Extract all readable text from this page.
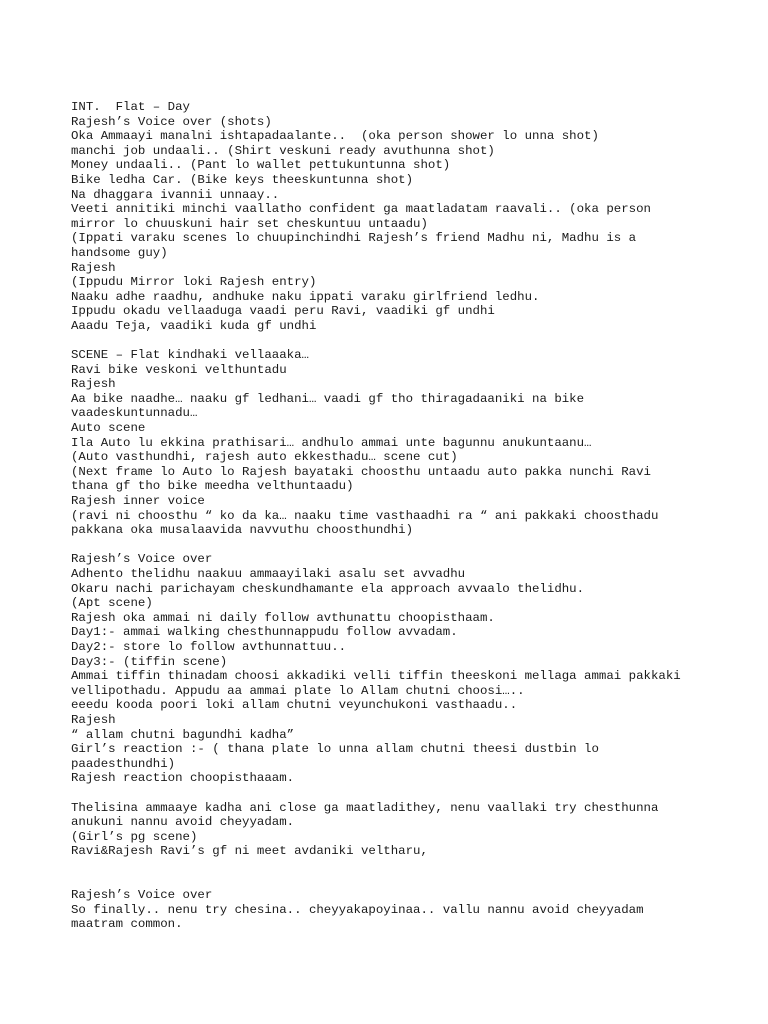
INT.  Flat – Day
Rajesh’s Voice over (shots)
Oka Ammaayi manalni ishtapadaalante..  (oka person shower lo unna shot)
manchi job undaali.. (Shirt veskuni ready avuthunna shot)
Money undaali.. (Pant lo wallet pettukuntunna shot)
Bike ledha Car. (Bike keys theeskuntunna shot)
Na dhaggara ivannii unnaay..
Veeti annitiki minchi vaallatho confident ga maatladatam raavali.. (oka person
mirror lo chuuskuni hair set cheskuntuu untaadu)
(Ippati varaku scenes lo chuupinchindhi Rajesh’s friend Madhu ni, Madhu is a
handsome guy)
Rajesh
(Ippudu Mirror loki Rajesh entry)
Naaku adhe raadhu, andhuke naku ippati varaku girlfriend ledhu.
Ippudu okadu vellaaduga vaadi peru Ravi, vaadiki gf undhi
Aaadu Teja, vaadiki kuda gf undhi
SCENE – Flat kindhaki vellaaaka…
Ravi bike veskoni velthuntadu
Rajesh
Aa bike naadhe… naaku gf ledhani… vaadi gf tho thiragadaaniki na bike
vaadeskuntunnadu…
Auto scene
Ila Auto lu ekkina prathisari… andhulo ammai unte bagunnu anukuntaanu…
(Auto vasthundhi, rajesh auto ekkesthadu… scene cut)
(Next frame lo Auto lo Rajesh bayataki choosthu untaadu auto pakka nunchi Ravi
thana gf tho bike meedha velthuntaadu)
Rajesh inner voice
(ravi ni choosthu “ ko da ka… naaku time vasthaadhi ra “ ani pakkaki choosthadu
pakkana oka musalaavida navvuthu choosthundhi)
Rajesh’s Voice over
Adhento thelidhu naakuu ammaayilaki asalu set avvadhu
Okaru nachi parichayam cheskundhamante ela approach avvaalo thelidhu.
(Apt scene)
Rajesh oka ammai ni daily follow avthunattu choopisthaam.
Day1:- ammai walking chesthunnappudu follow avvadam.
Day2:- store lo follow avthunnattuu..
Day3:- (tiffin scene)
Ammai tiffin thinadam choosi akkadiki velli tiffin theeskoni mellaga ammai pakkaki
vellipothadu. Appudu aa ammai plate lo Allam chutni choosi…..
eeedu kooda poori loki allam chutni veyunchukoni vasthaadu..
Rajesh
“ allam chutni bagundhi kadha”
Girl’s reaction :- ( thana plate lo unna allam chutni theesi dustbin lo
paadesthundhi)
Rajesh reaction choopisthaaam.
Thelisina ammaaye kadha ani close ga maatladithey, nenu vaallaki try chesthunna
anukuni nannu avoid cheyyadam.
(Girl’s pg scene)
Ravi&Rajesh Ravi’s gf ni meet avdaniki veltharu,
Rajesh’s Voice over
So finally.. nenu try chesina.. cheyyakapoyinaa.. vallu nannu avoid cheyyadam
maatram common.
